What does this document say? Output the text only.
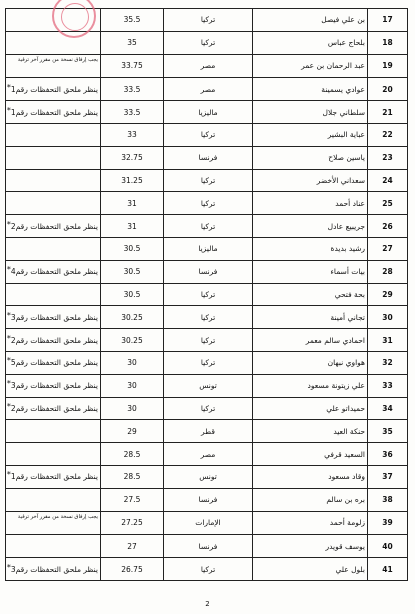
17	بن علي فيصل	تركيا	35.5	
18	بلحاج عباس	تركيا	35	
19	عبد الرحمان بن عمر	مصر	33.75	يجب إرفاق نسخة من مقرر آخر ترقية
20	عوادي يسمينة	مصر	33.5	ينظر ملحق التحفظات رقم1*
21	سلطاني جلال	ماليزيا	33.5	ينظر ملحق التحفظات رقم1*
22	عباية البشير	تركيا	33	
23	ياسين صلاح	فرنسا	32.75	
24	سعداني الأخضر	تركيا	31.25	
25	عناد أحمد	تركيا	31	
26	جريبيع عادل	تركيا	31	ينظر ملحق التحفظات رقم2*
27	رشيد بديدة	ماليزيا	30.5	
28	بيات أسماء	فرنسا	30.5	ينظر ملحق التحفظات رقم4*
29	بحة فتحي	تركيا	30.5	
30	تجاني أمينة	تركيا	30.25	ينظر ملحق التحفظات رقم3*
31	احمادي سالم معمر	تركيا	30.25	ينظر ملحق التحفظات رقم2*
32	هواوي نبهان	تركيا	30	ينظر ملحق التحفظات رقم5*
33	علي زيتونة مسعود	تونس	30	ينظر ملحق التحفظات رقم3*
34	حميداتو علي	تركيا	30	ينظر ملحق التحفظات رقم2*
35	حنكة العيد	قطر	29	
36	السعيد قرفي	مصر	28.5	
37	وقاد مسعود	تونس	28.5	ينظر ملحق التحفظات رقم1*
38	بره بن سالم	فرنسا	27.5	
39	زلومة أحمد	الإمارات	27.25	يجب إرفاق نسخة من مقرر آخر ترقية
40	يوسف قويدر	فرنسا	27	
41	بلول علي	تركيا	26.75	ينظر ملحق التحفظات رقم3*
2
